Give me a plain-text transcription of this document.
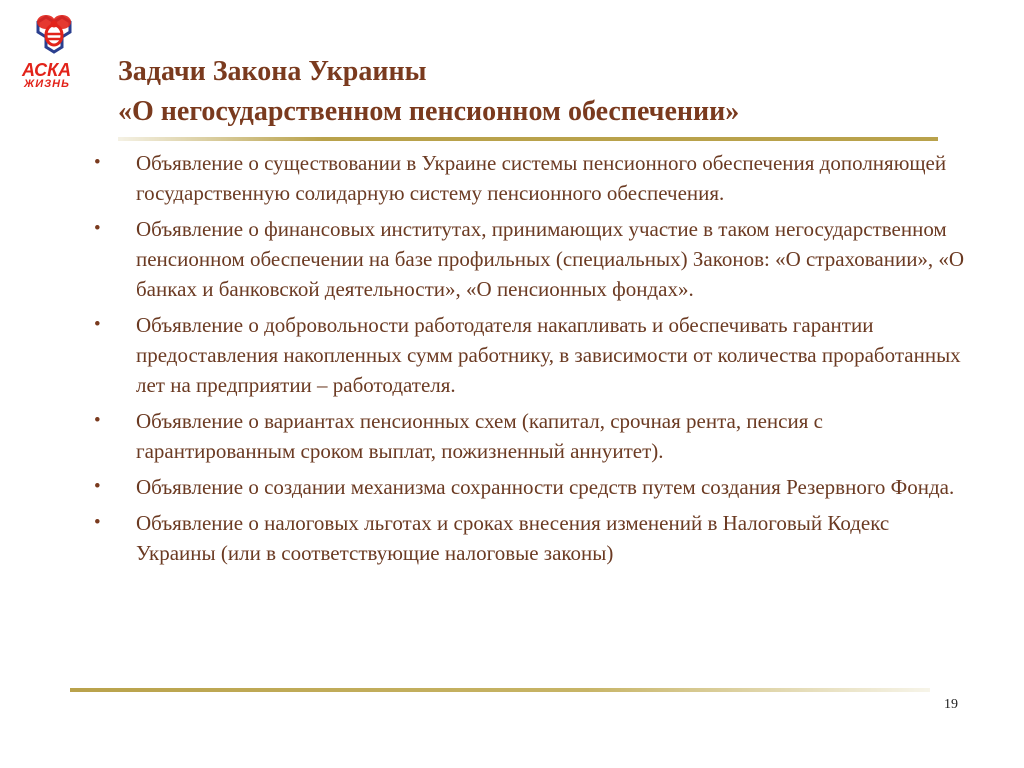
АСКА
ЖИЗНЬ Задачи Закона Украины
«О негосударственном пенсионном обеспечении»
• Объявление о существовании в Украине системы пенсионного обеспечения дополняющей государственную солидарную систему пенсионного обеспечения.
• Объявление о финансовых институтах, принимающих участие в таком негосударственном пенсионном обеспечении на базе профильных (специальных) Законов: «О страховании», «О банках и банковской деятельности», «О пенсионных фондах».
• Объявление о добровольности работодателя накапливать и обеспечивать гарантии предоставления накопленных сумм работнику, в зависимости от количества проработанных лет на предприятии – работодателя.
• Объявление о вариантах пенсионных схем (капитал, срочная рента, пенсия с гарантированным сроком выплат, пожизненный аннуитет).
• Объявление о создании механизма сохранности средств путем создания Резервного Фонда.
• Объявление о налоговых льготах и сроках внесения изменений в Налоговый Кодекс Украины (или в соответствующие налоговые законы)
19
